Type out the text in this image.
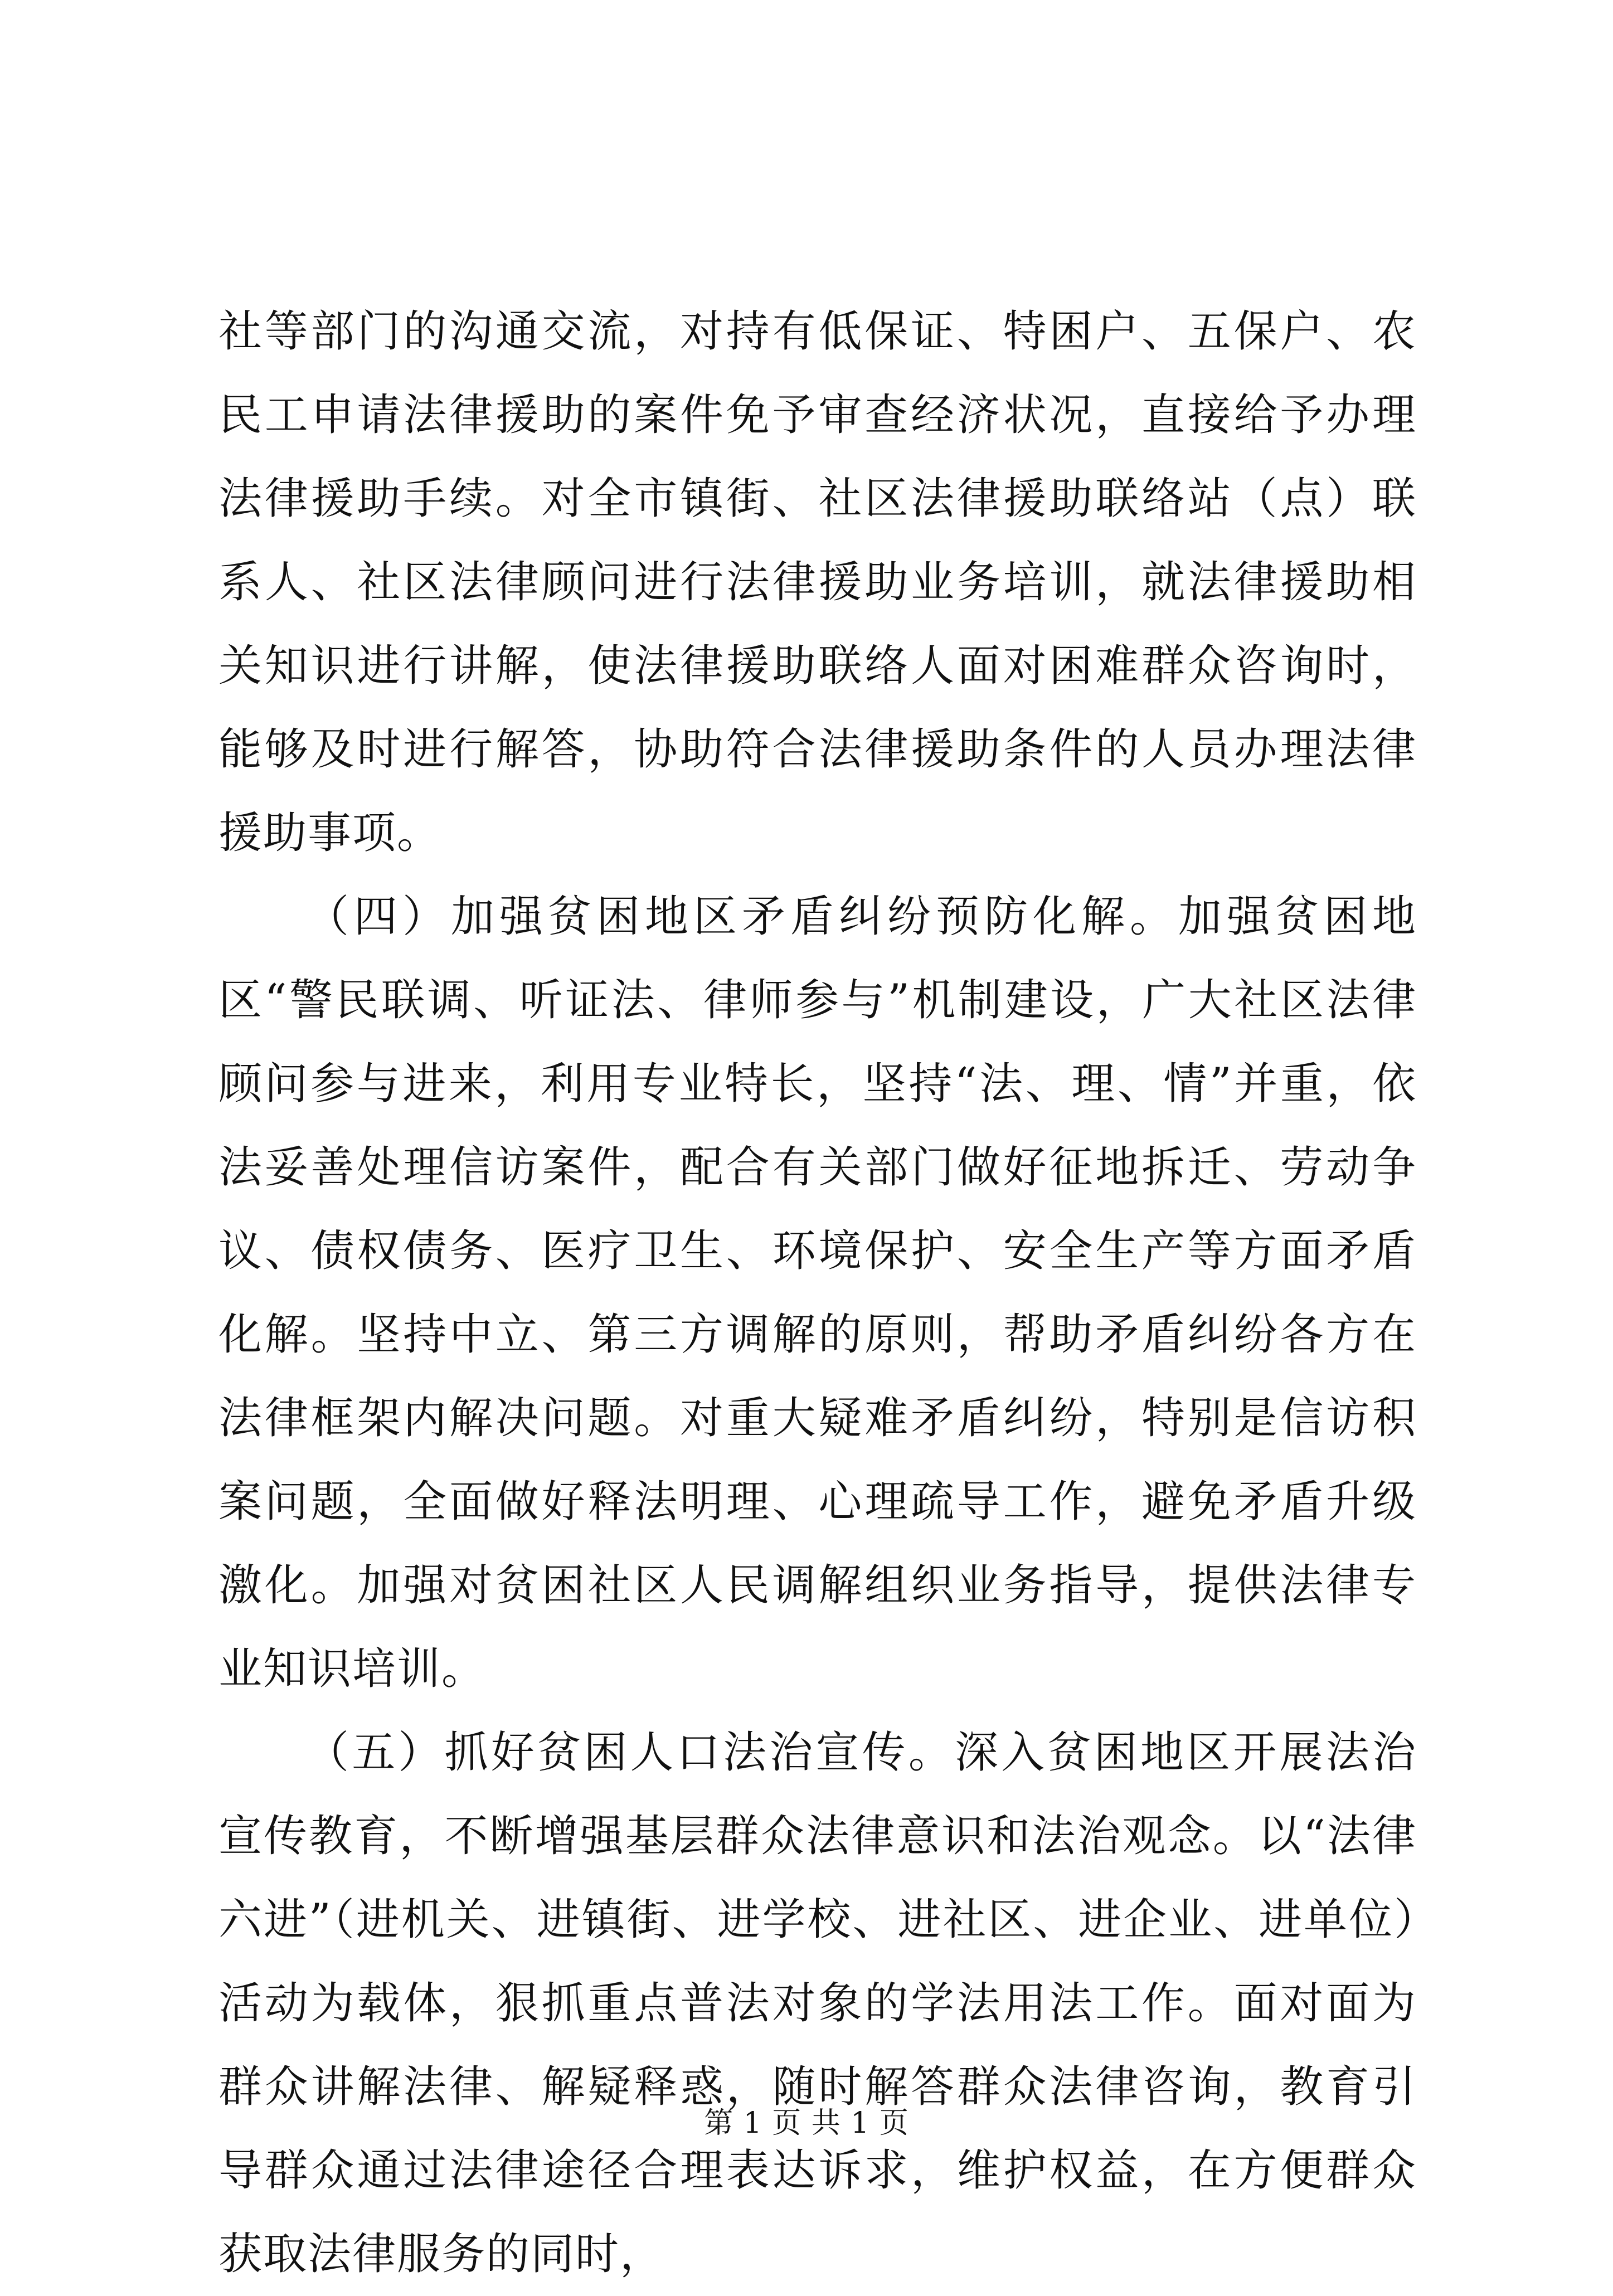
社等部门的沟通交流，对持有低保证、特困户、五保户、农民工申请法律援助的案件免予审查经济状况，直接给予办理法律援助手续。对全市镇街、社区法律援助联络站（点）联系人、社区法律顾问进行法律援助业务培训，就法律援助相关知识进行讲解，使法律援助联络人面对困难群众咨询时，能够及时进行解答，协助符合法律援助条件的人员办理法律援助事项。

（四）加强贫困地区矛盾纠纷预防化解。加强贫困地区“警民联调、听证法、律师参与”机制建设，广大社区法律顾问参与进来，利用专业特长，坚持“法、理、情”并重，依法妥善处理信访案件，配合有关部门做好征地拆迁、劳动争议、债权债务、医疗卫生、环境保护、安全生产等方面矛盾化解。坚持中立、第三方调解的原则，帮助矛盾纠纷各方在法律框架内解决问题。对重大疑难矛盾纠纷，特别是信访积案问题，全面做好释法明理、心理疏导工作，避免矛盾升级激化。加强对贫困社区人民调解组织业务指导，提供法律专业知识培训。

（五）抓好贫困人口法治宣传。深入贫困地区开展法治宣传教育，不断增强基层群众法律意识和法治观念。以“法律六进”（进机关、进镇街、进学校、进社区、进企业、进单位）活动为载体，狠抓重点普法对象的学法用法工作。面对面为群众讲解法律、解疑释惑，随时解答群众法律咨询，教育引导群众通过法律途径合理表达诉求，维护权益，在方便群众获取法律服务的同时，

第 1 页 共 1 页
